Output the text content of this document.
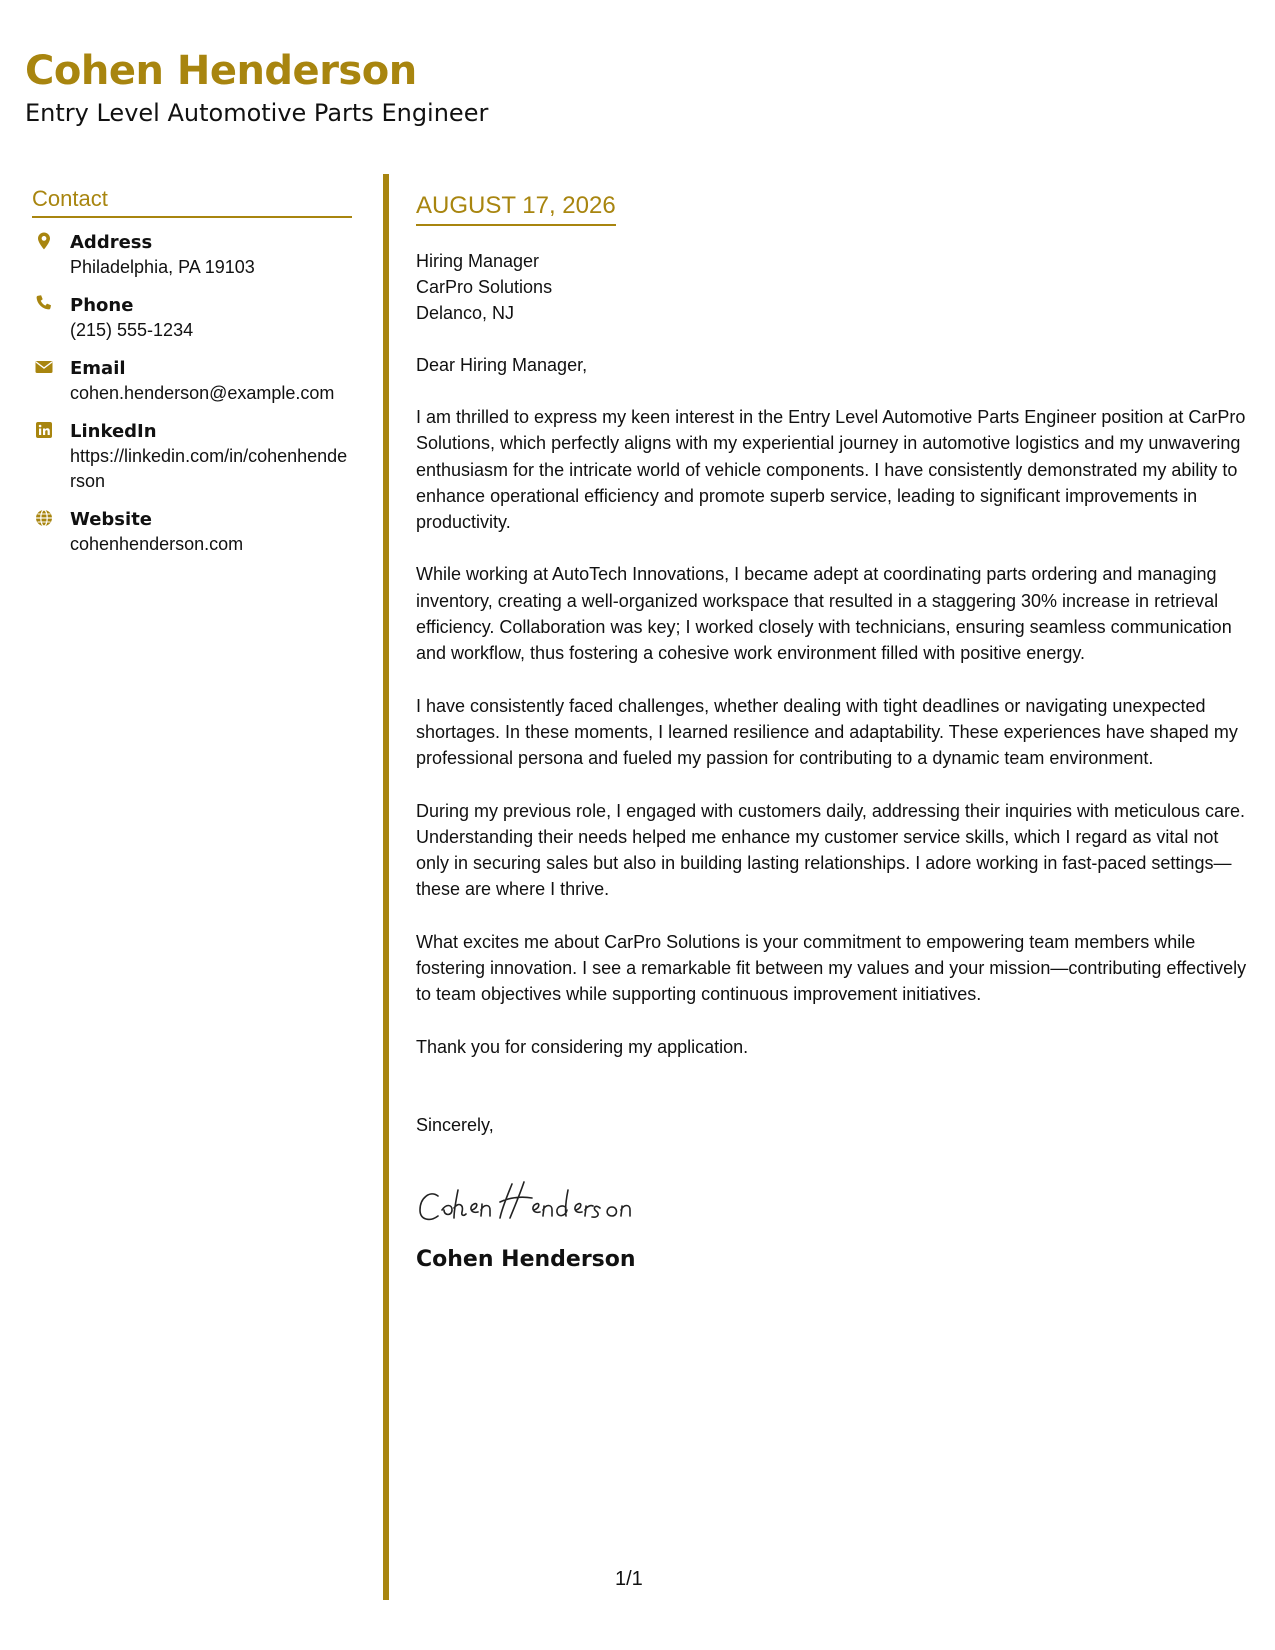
Cohen Henderson
Entry Level Automotive Parts Engineer
Contact
Address
Philadelphia, PA 19103
Phone
(215) 555-1234
Email
cohen.henderson@example.com
LinkedIn
https://linkedin.com/in/cohenhenderson
Website
cohenhenderson.com
AUGUST 17, 2026
Hiring Manager
CarPro Solutions
Delanco, NJ
Dear Hiring Manager,
I am thrilled to express my keen interest in the Entry Level Automotive Parts Engineer position at CarPro Solutions, which perfectly aligns with my experiential journey in automotive logistics and my unwavering enthusiasm for the intricate world of vehicle components. I have consistently demonstrated my ability to enhance operational efficiency and promote superb service, leading to significant improvements in productivity.
While working at AutoTech Innovations, I became adept at coordinating parts ordering and managing inventory, creating a well-organized workspace that resulted in a staggering 30% increase in retrieval efficiency. Collaboration was key; I worked closely with technicians, ensuring seamless communication and workflow, thus fostering a cohesive work environment filled with positive energy.
I have consistently faced challenges, whether dealing with tight deadlines or navigating unexpected shortages. In these moments, I learned resilience and adaptability. These experiences have shaped my professional persona and fueled my passion for contributing to a dynamic team environment.
During my previous role, I engaged with customers daily, addressing their inquiries with meticulous care. Understanding their needs helped me enhance my customer service skills, which I regard as vital not only in securing sales but also in building lasting relationships. I adore working in fast-paced settings—these are where I thrive.
What excites me about CarPro Solutions is your commitment to empowering team members while fostering innovation. I see a remarkable fit between my values and your mission—contributing effectively to team objectives while supporting continuous improvement initiatives.
Thank you for considering my application.
Sincerely,
Cohen Henderson
1/1
